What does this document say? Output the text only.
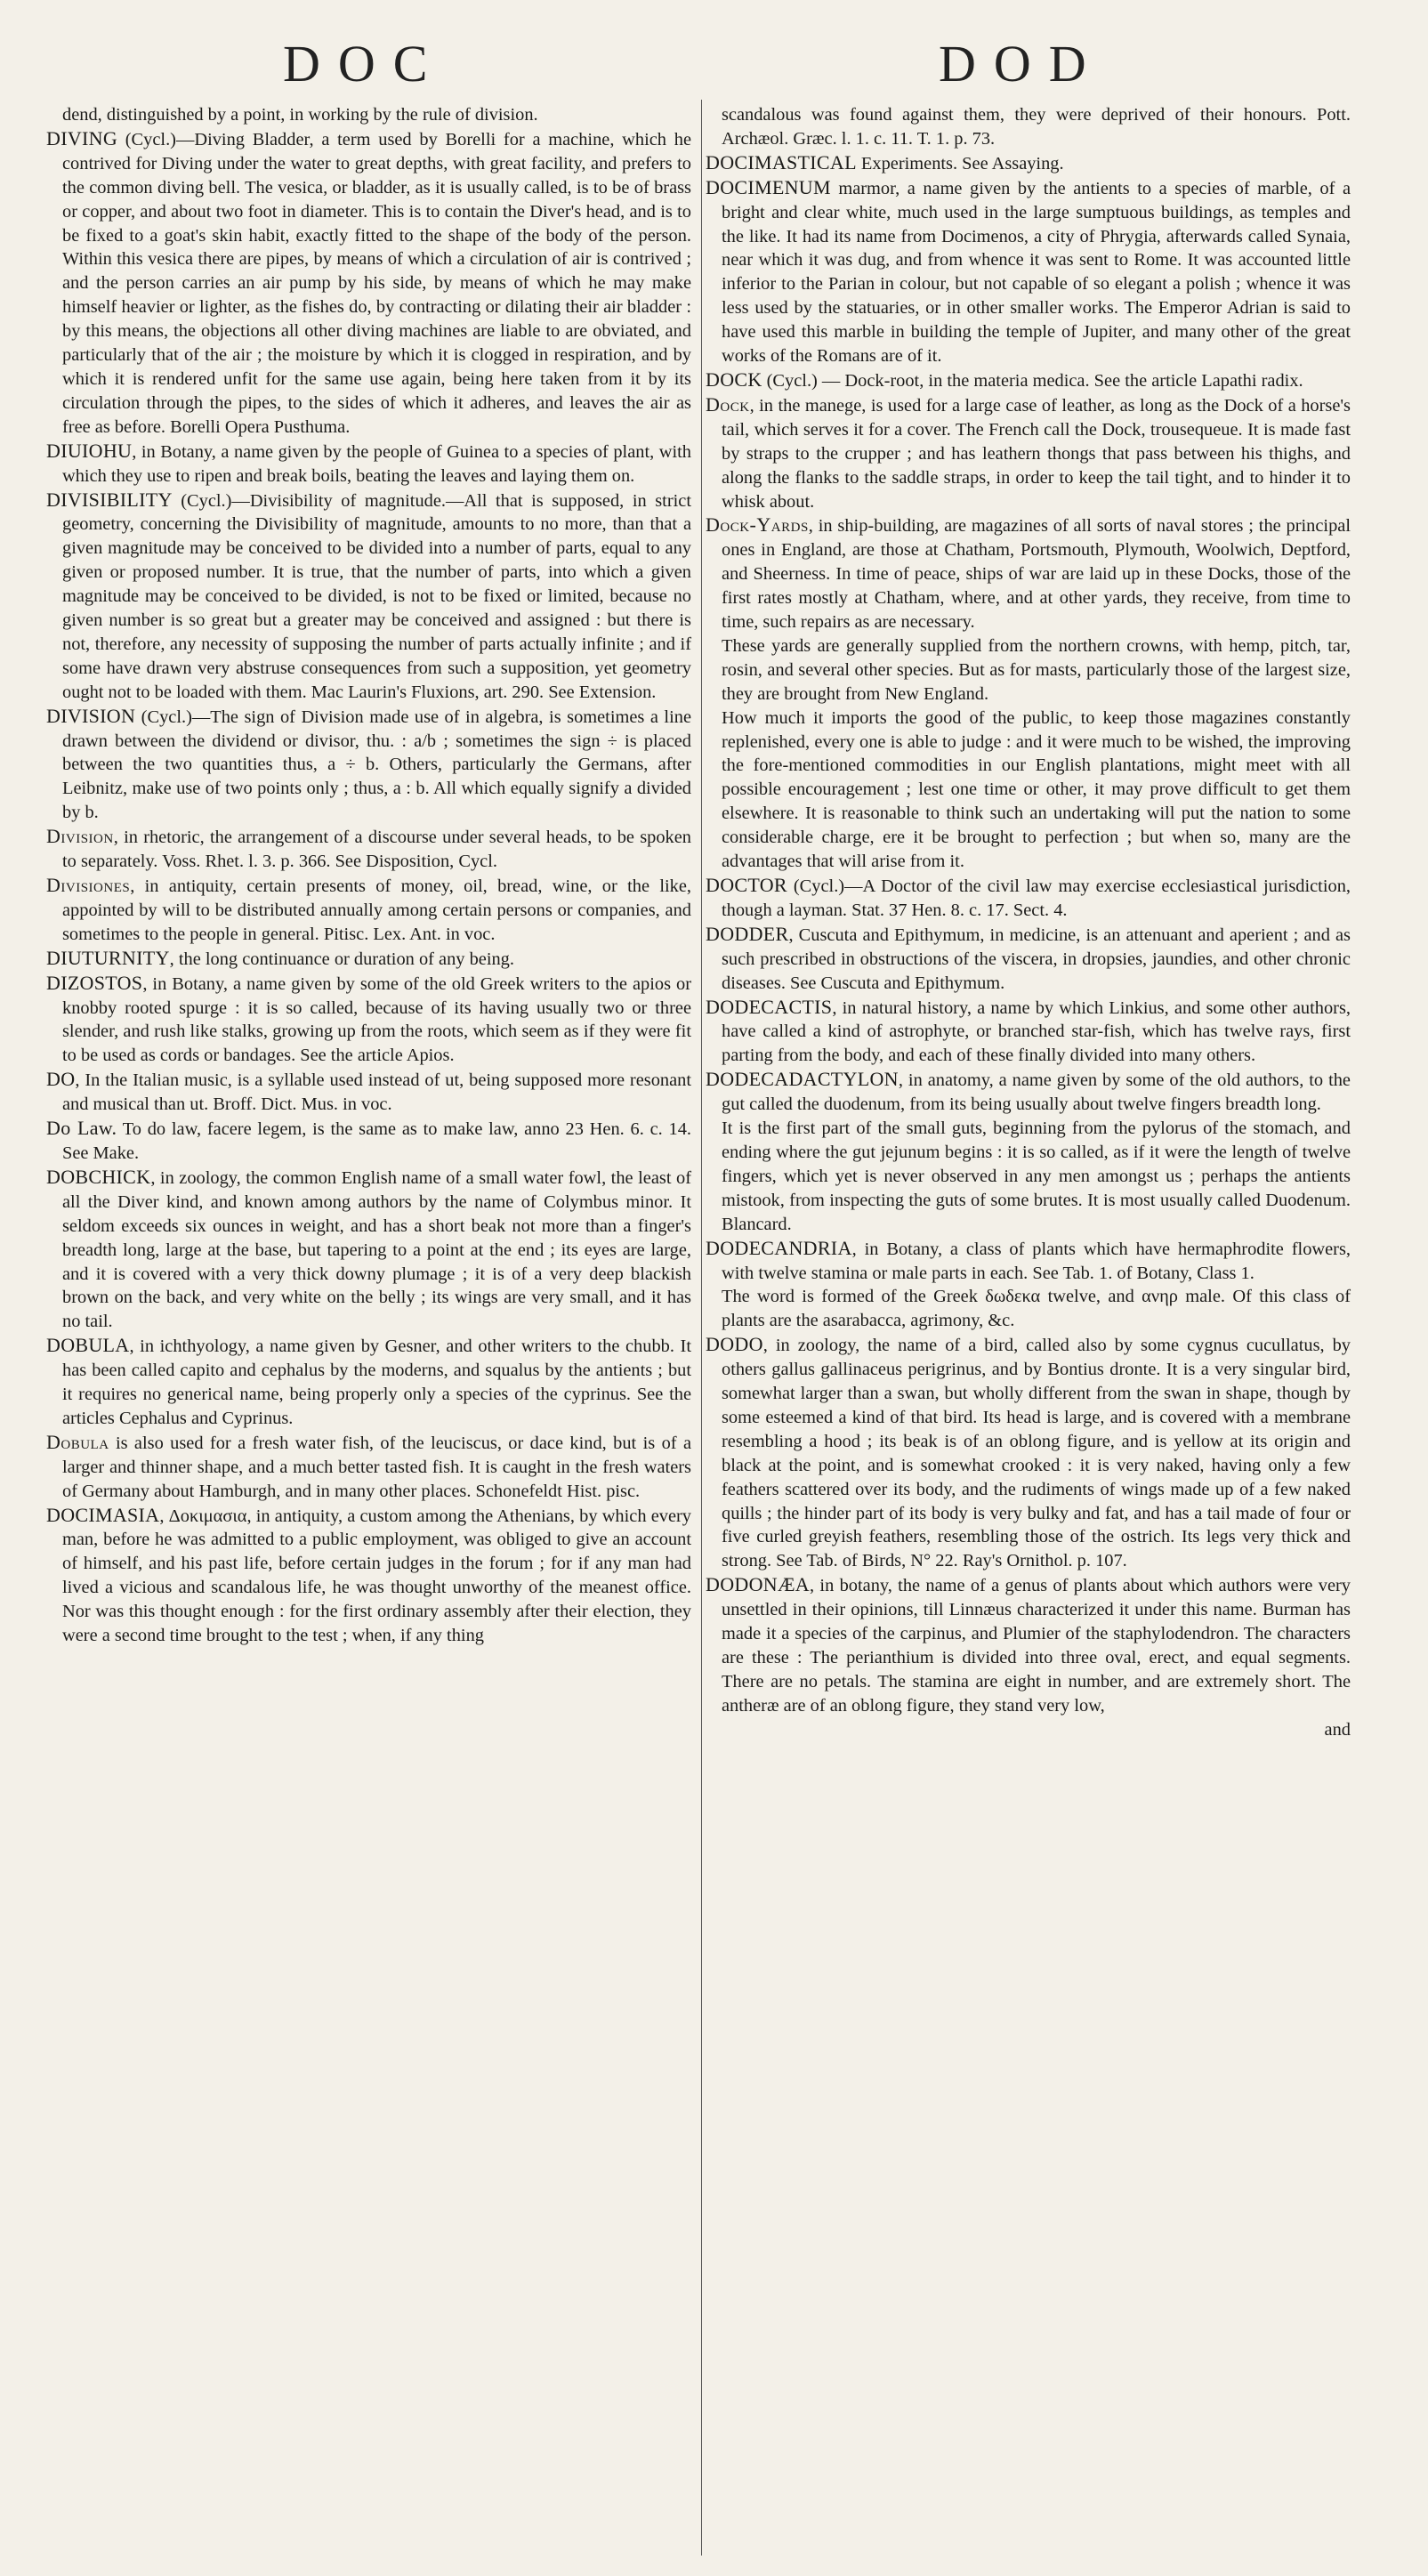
DOC	DOD

dend, distinguished by a point, in working by the rule of division.

DIVING (Cycl.)—Diving Bladder, a term used by Borelli for a machine, which he contrived for Diving under the water to great depths, with great facility, and prefers to the common diving bell. The vesica, or bladder, as it is usually called, is to be of brass or copper, and about two foot in diameter. This is to contain the Diver's head, and is to be fixed to a goat's skin habit, exactly fitted to the shape of the body of the person. Within this vesica there are pipes, by means of which a circulation of air is contrived ; and the person carries an air pump by his side, by means of which he may make himself heavier or lighter, as the fishes do, by contracting or dilating their air bladder : by this means, the objections all other diving machines are liable to are obviated, and particularly that of the air ; the moisture by which it is clogged in respiration, and by which it is rendered unfit for the same use again, being here taken from it by its circulation through the pipes, to the sides of which it adheres, and leaves the air as free as before. Borelli Opera Pusthuma.

DIUIOHU, in Botany, a name given by the people of Guinea to a species of plant, with which they use to ripen and break boils, beating the leaves and laying them on.

DIVISIBILITY (Cycl.)—Divisibility of magnitude.—All that is supposed, in strict geometry, concerning the Divisibility of magnitude, amounts to no more, than that a given magnitude may be conceived to be divided into a number of parts, equal to any given or proposed number. It is true, that the number of parts, into which a given magnitude may be conceived to be divided, is not to be fixed or limited, because no given number is so great but a greater may be conceived and assigned : but there is not, therefore, any necessity of supposing the number of parts actually infinite ; and if some have drawn very abstruse consequences from such a supposition, yet geometry ought not to be loaded with them. Mac Laurin's Fluxions, art. 290. See Extension.

DIVISION (Cycl.)—The sign of Division made use of in algebra, is sometimes a line drawn between the dividend or divisor, thu. : a/b ; sometimes the sign ÷ is placed between the two quantities thus, a ÷ b. Others, particularly the Germans, after Leibnitz, make use of two points only ; thus, a : b. All which equally signify a divided by b.

Division, in rhetoric, the arrangement of a discourse under several heads, to be spoken to separately. Voss. Rhet. l. 3. p. 366. See Disposition, Cycl.

Divisiones, in antiquity, certain presents of money, oil, bread, wine, or the like, appointed by will to be distributed annually among certain persons or companies, and sometimes to the people in general. Pitisc. Lex. Ant. in voc.

DIUTURNITY, the long continuance or duration of any being.

DIZOSTOS, in Botany, a name given by some of the old Greek writers to the apios or knobby rooted spurge : it is so called, because of its having usually two or three slender, and rush like stalks, growing up from the roots, which seem as if they were fit to be used as cords or bandages. See the article Apios.

DO, In the Italian music, is a syllable used instead of ut, being supposed more resonant and musical than ut. Broff. Dict. Mus. in voc.

Do Law. To do law, facere legem, is the same as to make law, anno 23 Hen. 6. c. 14. See Make.

DOBCHICK, in zoology, the common English name of a small water fowl, the least of all the Diver kind, and known among authors by the name of Colymbus minor. It seldom exceeds six ounces in weight, and has a short beak not more than a finger's breadth long, large at the base, but tapering to a point at the end ; its eyes are large, and it is covered with a very thick downy plumage ; it is of a very deep blackish brown on the back, and very white on the belly ; its wings are very small, and it has no tail.

DOBULA, in ichthyology, a name given by Gesner, and other writers to the chubb. It has been called capito and cephalus by the moderns, and squalus by the antients ; but it requires no generical name, being properly only a species of the cyprinus. See the articles Cephalus and Cyprinus.

Dobula is also used for a fresh water fish, of the leuciscus, or dace kind, but is of a larger and thinner shape, and a much better tasted fish. It is caught in the fresh waters of Germany about Hamburgh, and in many other places. Schonefeldt Hist. pisc.

DOCIMASIA, Δοκιμασια, in antiquity, a custom among the Athenians, by which every man, before he was admitted to a public employment, was obliged to give an account of himself, and his past life, before certain judges in the forum ; for if any man had lived a vicious and scandalous life, he was thought unworthy of the meanest office. Nor was this thought enough : for the first ordinary assembly after their election, they were a second time brought to the test ; when, if any thing

scandalous was found against them, they were deprived of their honours. Pott. Archæol. Græc. l. 1. c. 11. T. 1. p. 73.

DOCIMASTICAL Experiments. See Assaying.

DOCIMENUM marmor, a name given by the antients to a species of marble, of a bright and clear white, much used in the large sumptuous buildings, as temples and the like. It had its name from Docimenos, a city of Phrygia, afterwards called Synaia, near which it was dug, and from whence it was sent to Rome. It was accounted little inferior to the Parian in colour, but not capable of so elegant a polish ; whence it was less used by the statuaries, or in other smaller works. The Emperor Adrian is said to have used this marble in building the temple of Jupiter, and many other of the great works of the Romans are of it.

DOCK (Cycl.) — Dock-root, in the materia medica. See the article Lapathi radix.

Dock, in the manege, is used for a large case of leather, as long as the Dock of a horse's tail, which serves it for a cover. The French call the Dock, trousequeue. It is made fast by straps to the crupper ; and has leathern thongs that pass between his thighs, and along the flanks to the saddle straps, in order to keep the tail tight, and to hinder it to whisk about.

Dock-Yards, in ship-building, are magazines of all sorts of naval stores ; the principal ones in England, are those at Chatham, Portsmouth, Plymouth, Woolwich, Deptford, and Sheerness. In time of peace, ships of war are laid up in these Docks, those of the first rates mostly at Chatham, where, and at other yards, they receive, from time to time, such repairs as are necessary.

These yards are generally supplied from the northern crowns, with hemp, pitch, tar, rosin, and several other species. But as for masts, particularly those of the largest size, they are brought from New England.

How much it imports the good of the public, to keep those magazines constantly replenished, every one is able to judge : and it were much to be wished, the improving the fore-mentioned commodities in our English plantations, might meet with all possible encouragement ; lest one time or other, it may prove difficult to get them elsewhere. It is reasonable to think such an undertaking will put the nation to some considerable charge, ere it be brought to perfection ; but when so, many are the advantages that will arise from it.

DOCTOR (Cycl.)—A Doctor of the civil law may exercise ecclesiastical jurisdiction, though a layman. Stat. 37 Hen. 8. c. 17. Sect. 4.

DODDER, Cuscuta and Epithymum, in medicine, is an attenuant and aperient ; and as such prescribed in obstructions of the viscera, in dropsies, jaundies, and other chronic diseases. See Cuscuta and Epithymum.

DODECACTIS, in natural history, a name by which Linkius, and some other authors, have called a kind of astrophyte, or branched star-fish, which has twelve rays, first parting from the body, and each of these finally divided into many others.

DODECADACTYLON, in anatomy, a name given by some of the old authors, to the gut called the duodenum, from its being usually about twelve fingers breadth long.

It is the first part of the small guts, beginning from the pylorus of the stomach, and ending where the gut jejunum begins : it is so called, as if it were the length of twelve fingers, which yet is never observed in any men amongst us ; perhaps the antients mistook, from inspecting the guts of some brutes. It is most usually called Duodenum. Blancard.

DODECANDRIA, in Botany, a class of plants which have hermaphrodite flowers, with twelve stamina or male parts in each. See Tab. 1. of Botany, Class 1.

The word is formed of the Greek δωδεκα twelve, and ανηρ male. Of this class of plants are the asarabacca, agrimony, &c.

DODO, in zoology, the name of a bird, called also by some cygnus cucullatus, by others gallus gallinaceus perigrinus, and by Bontius dronte. It is a very singular bird, somewhat larger than a swan, but wholly different from the swan in shape, though by some esteemed a kind of that bird. Its head is large, and is covered with a membrane resembling a hood ; its beak is of an oblong figure, and is yellow at its origin and black at the point, and is somewhat crooked : it is very naked, having only a few feathers scattered over its body, and the rudiments of wings made up of a few naked quills ; the hinder part of its body is very bulky and fat, and has a tail made of four or five curled greyish feathers, resembling those of the ostrich. Its legs very thick and strong. See Tab. of Birds, N° 22. Ray's Ornithol. p. 107.

DODONÆA, in botany, the name of a genus of plants about which authors were very unsettled in their opinions, till Linnæus characterized it under this name. Burman has made it a species of the carpinus, and Plumier of the staphylodendron. The characters are these : The perianthium is divided into three oval, erect, and equal segments. There are no petals. The stamina are eight in number, and are extremely short. The antheræ are of an oblong figure, they stand very low,

and
